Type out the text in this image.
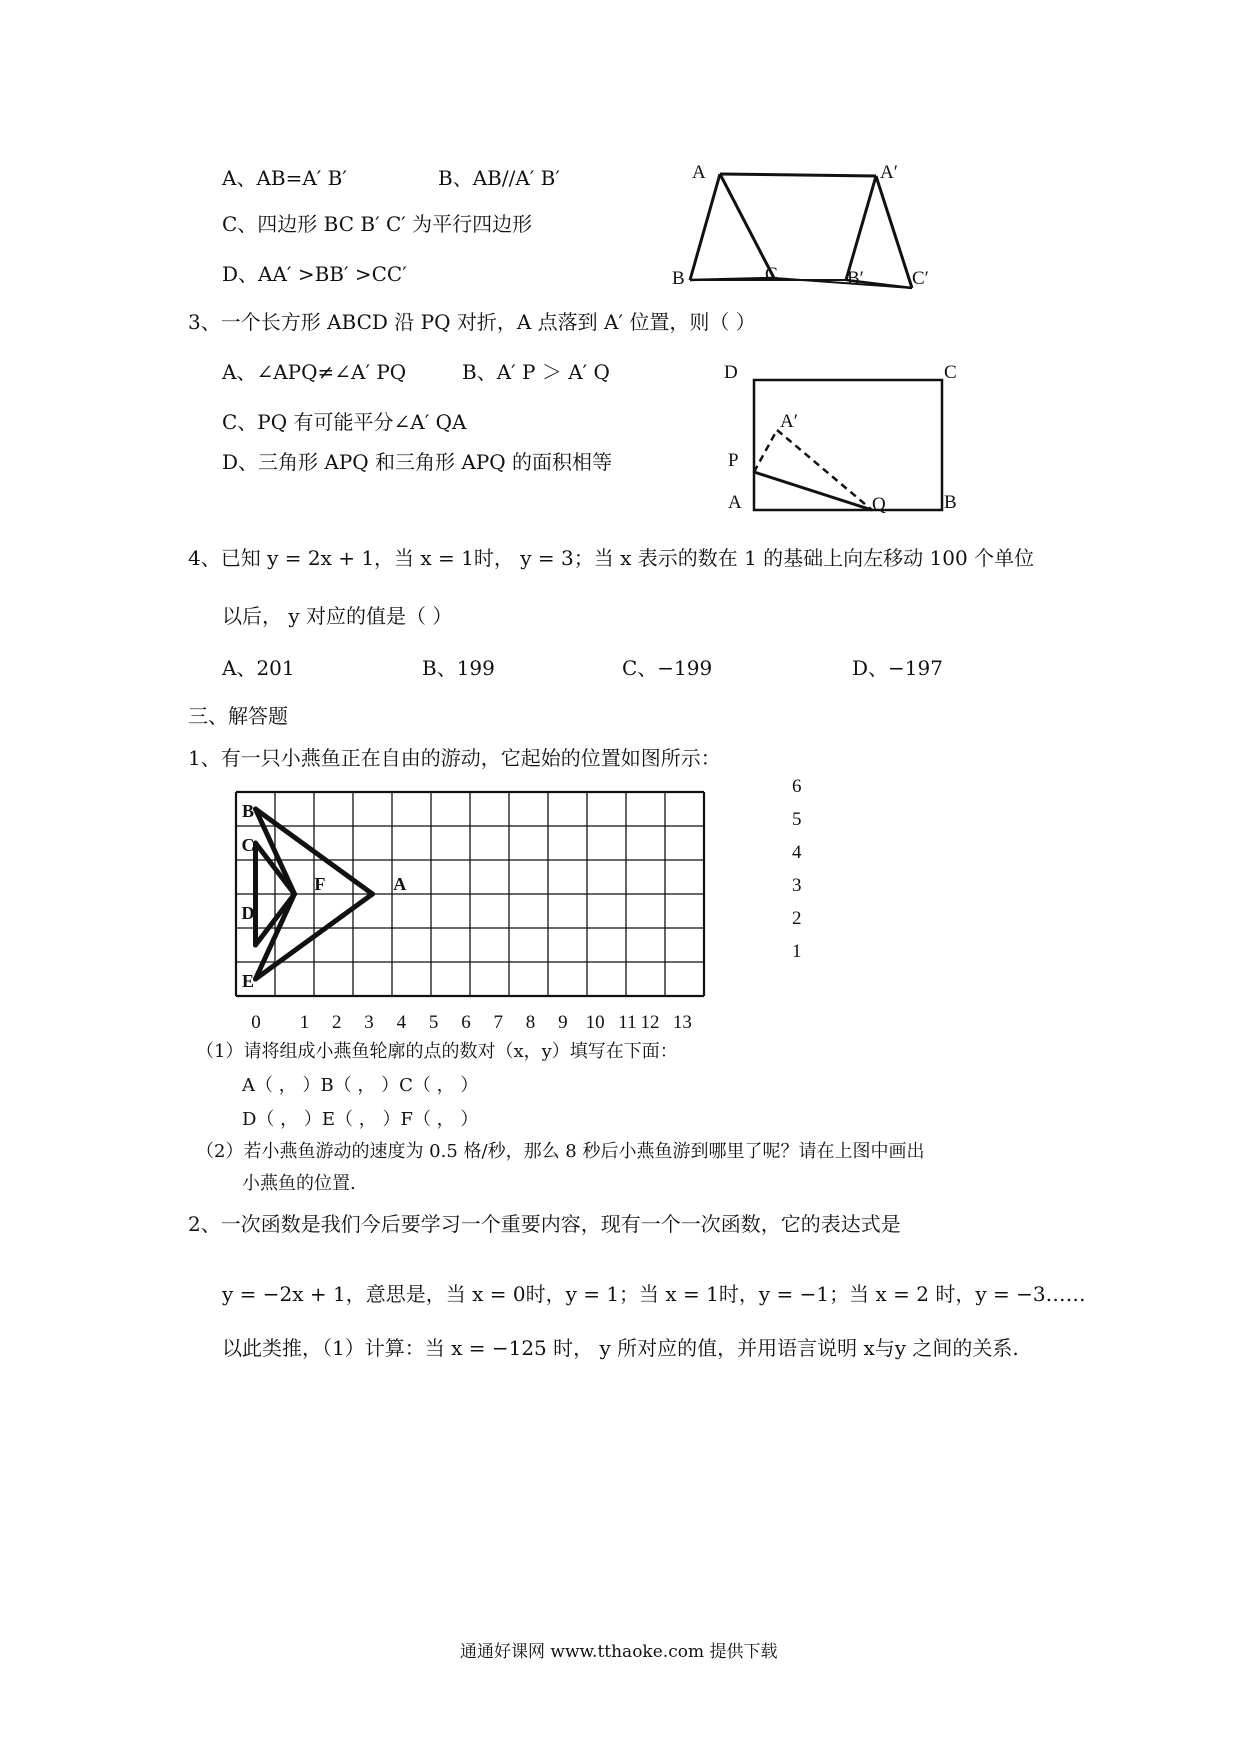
A、AB=A′ B′	B、AB//A′ B′
C、四边形 BC B′ C′ 为平行四边形
D、AA′ >BB′ >CC′
A	A′
B	C	B′	C′
3、一个长方形 ABCD 沿 PQ 对折，A 点落到 A′ 位置，则（ ）
A、∠APQ≠∠A′ PQ	B、A′ P ＞ A′ Q
C、PQ 有可能平分∠A′ QA
D、三角形 APQ 和三角形 APQ 的面积相等
D	C
A′
P
A	Q	B
4、已知 y = 2x + 1，当 x = 1时， y = 3；当 x 表示的数在 1 的基础上向左移动 100 个单位
以后， y 对应的值是（ ）
A、201	B、199	C、−199	D、−197
三、解答题
1、有一只小燕鱼正在自由的游动，它起始的位置如图所示：
B
C
F	A
D
E
0 1 2 3 4 5 6 7 8 9 10 11 12 13
6
5
4
3
2
1
（1）请将组成小燕鱼轮廓的点的数对（x，y）填写在下面：
A（ ， ）B（ ， ）C（ ， ）
D（ ， ）E（ ， ）F（ ， ）
（2）若小燕鱼游动的速度为 0.5 格/秒，那么 8 秒后小燕鱼游到哪里了呢？请在上图中画出
小燕鱼的位置.
2、一次函数是我们今后要学习一个重要内容，现有一个一次函数，它的表达式是
y = −2x + 1，意思是，当 x = 0时，y = 1；当 x = 1时，y = −1；当 x = 2 时，y = −3……
以此类推，（1）计算：当 x = −125 时， y 所对应的值，并用语言说明 x与y 之间的关系.
通通好课网 www.tthaoke.com 提供下载
